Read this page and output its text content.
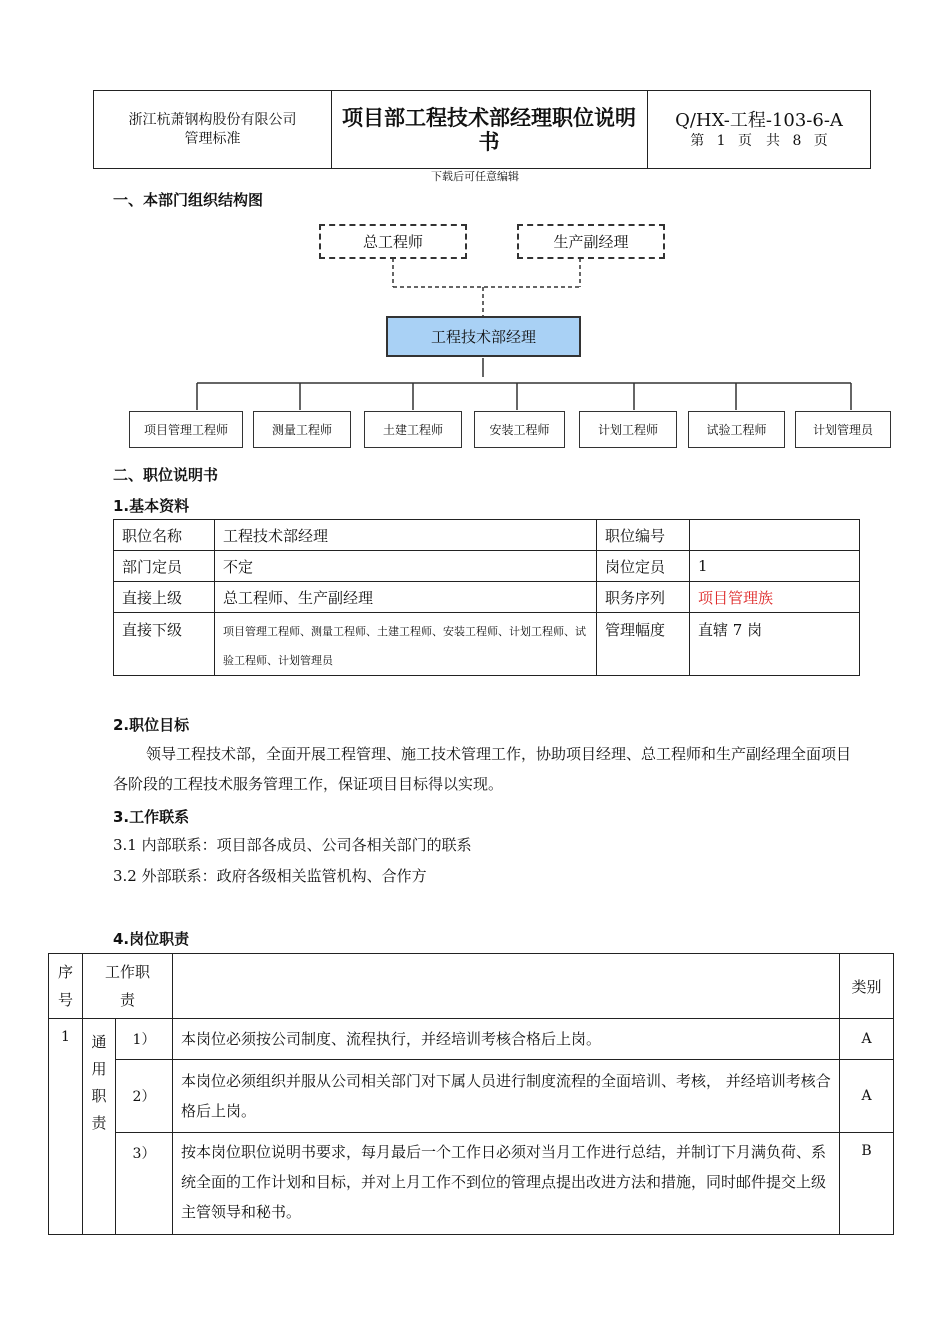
浙江杭萧钢构股份有限公司
管理标准
项目部工程技术部经理职位说明书
Q/HX-工程-103-6-A
第 1 页　共 8 页
下载后可任意编辑
一、本部门组织结构图
总工程师	生产副经理
工程技术部经理
项目管理工程师	测量工程师	土建工程师	安装工程师	计划工程师	试验工程师	计划管理员
二、职位说明书
1.基本资料
职位名称	工程技术部经理	职位编号	
部门定员	不定	岗位定员	1
直接上级	总工程师、生产副经理	职务序列	项目管理族
直接下级	项目管理工程师、测量工程师、土建工程师、安装工程师、计划工程师、试验工程师、计划管理员	管理幅度	直辖 7 岗
2.职位目标
领导工程技术部，全面开展工程管理、施工技术管理工作，协助项目经理、总工程师和生产副经理全面项目各阶段的工程技术服务管理工作，保证项目目标得以实现。
3.工作联系
3.1 内部联系：项目部各成员、公司各相关部门的联系
3.2 外部联系：政府各级相关监管机构、合作方
4.岗位职责
序号	工作职责			类别
1	通用职责	1）	本岗位必须按公司制度、流程执行，并经培训考核合格后上岗。	A
		2）	本岗位必须组织并服从公司相关部门对下属人员进行制度流程的全面培训、考核， 并经培训考核合格后上岗。	A
		3）	按本岗位职位说明书要求，每月最后一个工作日必须对当月工作进行总结，并制订下月满负荷、系统全面的工作计划和目标，并对上月工作不到位的管理点提出改进方法和措施，同时邮件提交上级主管领导和秘书。	B
